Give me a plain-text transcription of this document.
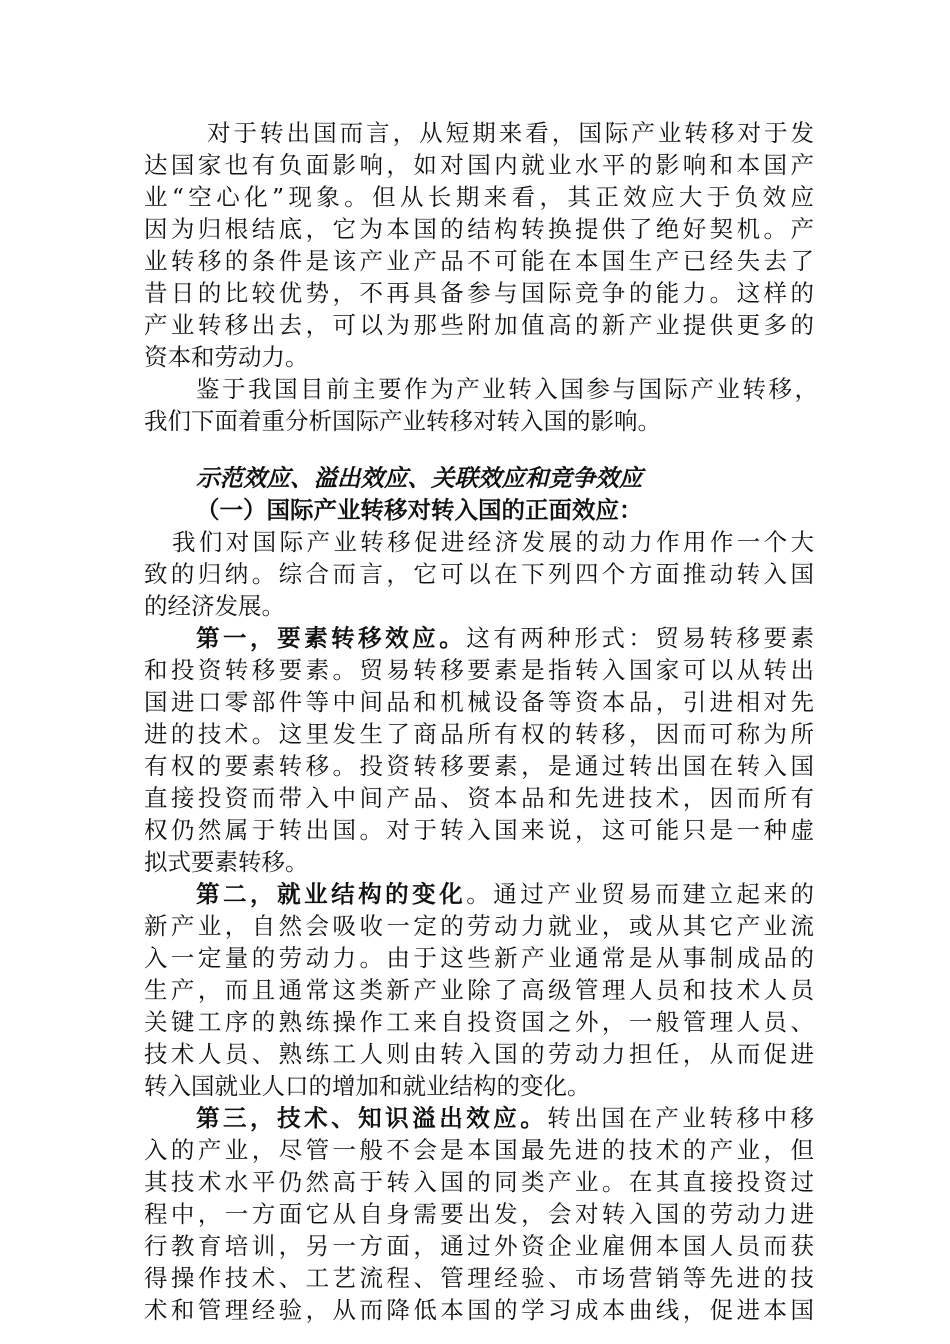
对于转出国而言，从短期来看，国际产业转移对于发
达国家也有负面影响，如对国内就业水平的影响和本国产
业“空心化”现象。但从长期来看，其正效应大于负效应
因为归根结底，它为本国的结构转换提供了绝好契机。产
业转移的条件是该产业产品不可能在本国生产已经失去了
昔日的比较优势，不再具备参与国际竞争的能力。这样的
产业转移出去，可以为那些附加值高的新产业提供更多的
资本和劳动力。
鉴于我国目前主要作为产业转入国参与国际产业转移，
我们下面着重分析国际产业转移对转入国的影响。
示范效应、溢出效应、关联效应和竞争效应
（一）国际产业转移对转入国的正面效应：
我们对国际产业转移促进经济发展的动力作用作一个大
致的归纳。综合而言，它可以在下列四个方面推动转入国
的经济发展。
第一，要素转移效应。这有两种形式：贸易转移要素
和投资转移要素。贸易转移要素是指转入国家可以从转出
国进口零部件等中间品和机械设备等资本品，引进相对先
进的技术。这里发生了商品所有权的转移，因而可称为所
有权的要素转移。投资转移要素，是通过转出国在转入国
直接投资而带入中间产品、资本品和先进技术，因而所有
权仍然属于转出国。对于转入国来说，这可能只是一种虚
拟式要素转移。
第二，就业结构的变化。通过产业贸易而建立起来的
新产业，自然会吸收一定的劳动力就业，或从其它产业流
入一定量的劳动力。由于这些新产业通常是从事制成品的
生产，而且通常这类新产业除了高级管理人员和技术人员
关键工序的熟练操作工来自投资国之外，一般管理人员、
技术人员、熟练工人则由转入国的劳动力担任，从而促进
转入国就业人口的增加和就业结构的变化。
第三，技术、知识溢出效应。转出国在产业转移中移
入的产业，尽管一般不会是本国最先进的技术的产业，但
其技术水平仍然高于转入国的同类产业。在其直接投资过
程中，一方面它从自身需要出发，会对转入国的劳动力进
行教育培训，另一方面，通过外资企业雇佣本国人员而获
得操作技术、工艺流程、管理经验、市场营销等先进的技
术和管理经验，从而降低本国的学习成本曲线，促进本国
